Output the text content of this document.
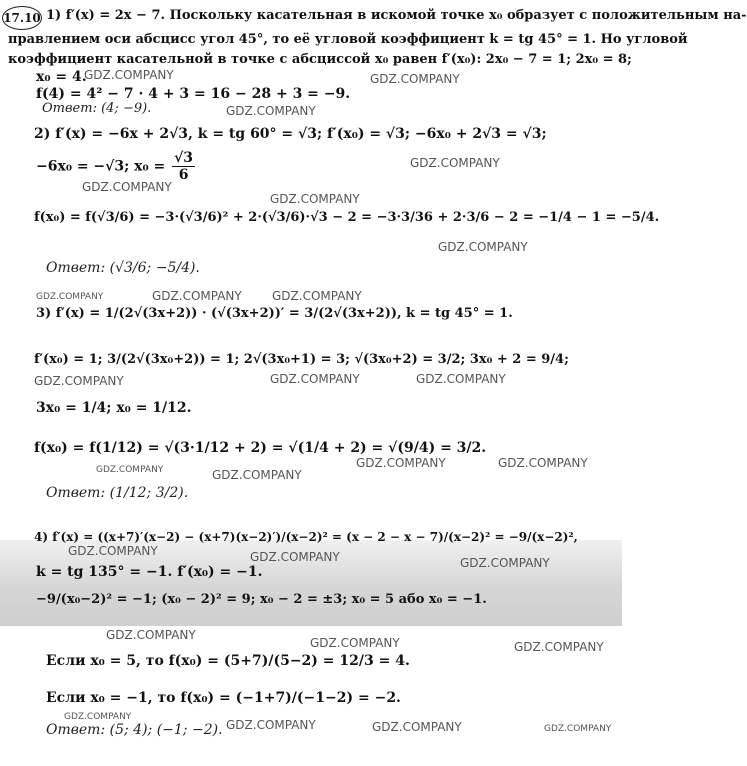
17.10 1) f′(x) = 2x − 7. Поскольку касательная в искомой точке x₀ образует с положительным на-
правлением оси абсцисс угол 45°, то её угловой коэффициент k = tg 45° = 1. Но угловой
коэффициент касательной в точке с абсциссой x₀ равен f′(x₀): 2x₀ − 7 = 1; 2x₀ = 8;
x₀ = 4.
f(4) = 4² − 7 · 4 + 3 = 16 − 28 + 3 = −9.
Ответ: (4; −9).
2) f′(x) = −6x + 2√3, k = tg 60° = √3; f′(x₀) = √3; −6x₀ + 2√3 = √3;
−6x₀ = −√3; $x_0 = \frac{√3}{6}$
f(x₀) = f(√3/6) = −3·(√3/6)² + 2·(√3/6)·√3 − 2 = −3·3/36 + 2·3/6 − 2 = −1/4 − 1 = −5/4.
Ответ: (√3/6; −5/4).
3) f′(x) = 1/(2√(3x+2)) · (√(3x+2))′ = 3/(2√(3x+2)), k = tg 45° = 1.
f′(x₀) = 1; 3/(2√(3x₀+2)) = 1; 2√(3x₀+1) = 3; √(3x₀+2) = 3/2; 3x₀ + 2 = 9/4;
3x₀ = 1/4; x₀ = 1/12.
f(x₀) = f(1/12) = √(3·1/12 + 2) = √(1/4 + 2) = √(9/4) = 3/2.
Ответ: (1/12; 3/2).
4) f′(x) = ((x+7)′(x−2) − (x+7)(x−2)′)/(x−2)² = (x − 2 − x − 7)/(x−2)² = −9/(x−2)²,
k = tg 135° = −1. f′(x₀) = −1.
−9/(x₀−2)² = −1; (x₀ − 2)² = 9; x₀ − 2 = ±3; x₀ = 5 або x₀ = −1.
Если x₀ = 5, то f(x₀) = (5+7)/(5−2) = 12/3 = 4.
Если x₀ = −1, то f(x₀) = (−1+7)/(−1−2) = −2.
Ответ: (5; 4); (−1; −2).
GDZ.COMPANY	GDZ.COMPANY
GDZ.COMPANY
GDZ.COMPANY
GDZ.COMPANY
GDZ.COMPANY
GDZ.COMPANY
GDZ.COMPANY	GDZ.COMPANY	GDZ.COMPANY
GDZ.COMPANY	GDZ.COMPANY	GDZ.COMPANY
GDZ.COMPANY	GDZ.COMPANY	GDZ.COMPANY
GDZ.COMPANY
GDZ.COMPANY	GDZ.COMPANY	GDZ.COMPANY
GDZ.COMPANY
GDZ.COMPANY	GDZ.COMPANY
GDZ.COMPANY
GDZ.COMPANY	GDZ.COMPANY	GDZ.COMPANY
